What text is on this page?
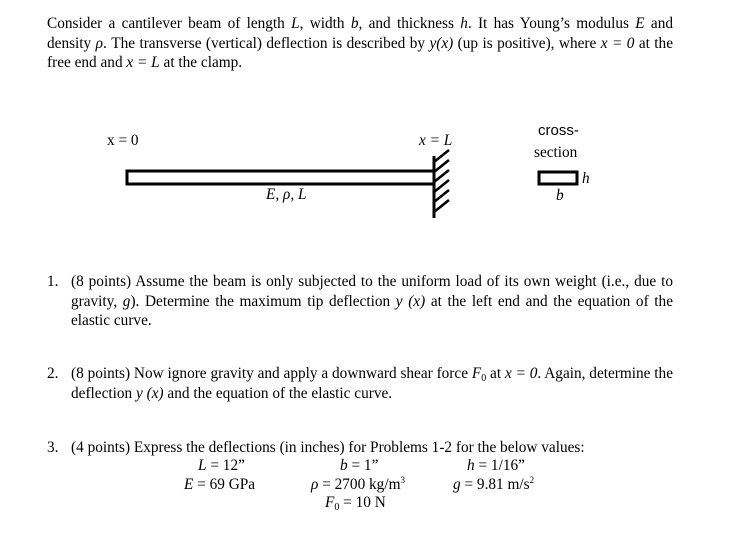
Consider a cantilever beam of length L, width b, and thickness h. It has Young’s modulus E and density ρ. The transverse (vertical) deflection is described by y(x) (up is positive), where x = 0 at the free end and x = L at the clamp.

x = 0	x = L
E, ρ, L
cross-
section
h
b
1. (8 points) Assume the beam is only subjected to the uniform load of its own weight (i.e., due to gravity, g). Determine the maximum tip deflection y (x) at the left end and the equation of the elastic curve.
2. (8 points) Now ignore gravity and apply a downward shear force $F_0$ at x = 0. Again, determine the deflection y (x) and the equation of the elastic curve.
3. (4 points) Express the deflections (in inches) for Problems 1-2 for the below values:
L = 12”	b = 1”	h = 1/16”
E = 69 GPa	ρ = 2700 $kg/m^3$	g = 9.81 $m/s^2$
$F_0 = 10$ N
